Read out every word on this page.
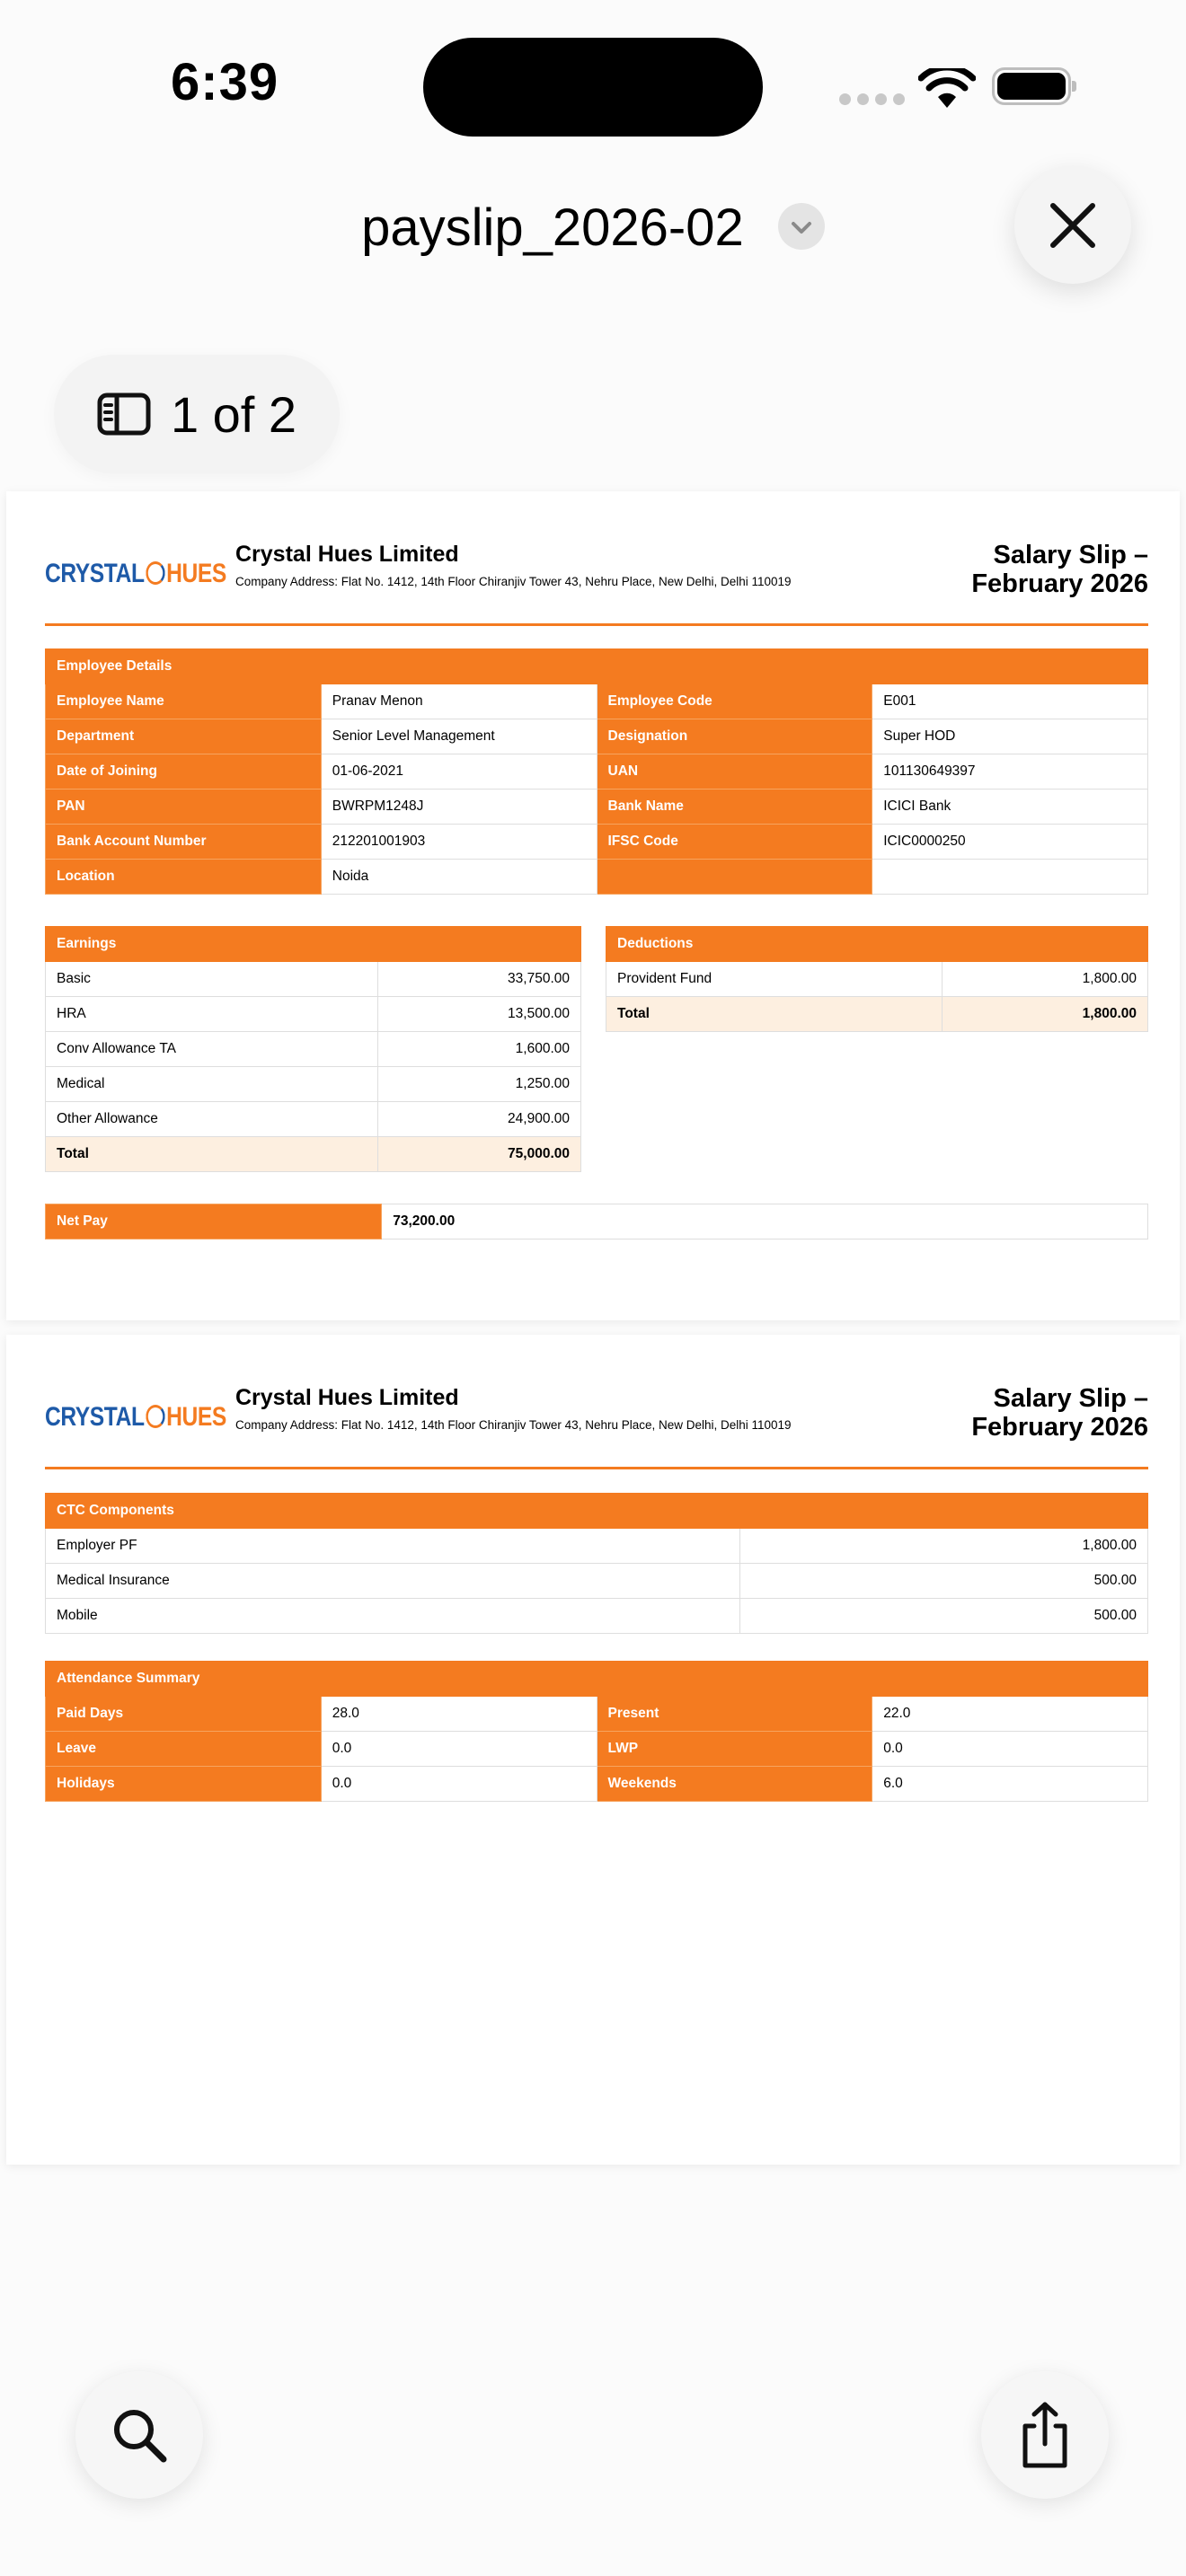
6:39
payslip_2026-02
1 of 2
CRYSTAL HUES
Crystal Hues Limited
Company Address: Flat No. 1412, 14th Floor Chiranjiv Tower 43, Nehru Place, New Delhi, Delhi 110019
Salary Slip –
February 2026
Employee Details			
Employee Name	Pranav Menon	Employee Code	E001
Department	Senior Level Management	Designation	Super HOD
Date of Joining	01-06-2021	UAN	101130649397
PAN	BWRPM1248J	Bank Name	ICICI Bank
Bank Account Number	212201001903	IFSC Code	ICIC0000250
Location	Noida		
Earnings	
Basic	33,750.00
HRA	13,500.00
Conv Allowance TA	1,600.00
Medical	1,250.00
Other Allowance	24,900.00
Total	75,000.00
Deductions	
Provident Fund	1,800.00
Total	1,800.00
Net Pay	73,200.00
CRYSTAL HUES
Crystal Hues Limited
Company Address: Flat No. 1412, 14th Floor Chiranjiv Tower 43, Nehru Place, New Delhi, Delhi 110019
Salary Slip –
February 2026
CTC Components	
Employer PF	1,800.00
Medical Insurance	500.00
Mobile	500.00
Attendance Summary			
Paid Days	28.0	Present	22.0
Leave	0.0	LWP	0.0
Holidays	0.0	Weekends	6.0
